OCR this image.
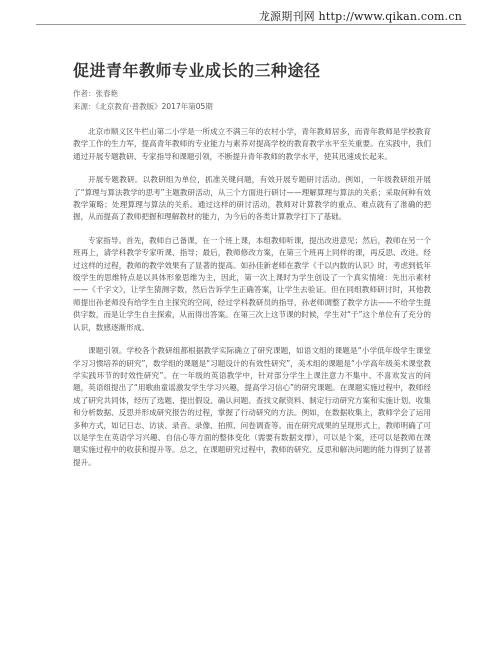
龙源期刊网 http://www.qikan.com.cn
促进青年教师专业成长的三种途径
作者：张春艳
来源：《北京教育·普教版》2017年第05期

北京市顺义区牛栏山第二小学是一所成立不满三年的农村小学，青年教师居多，而青年教师是学校教育教学工作的生力军，提高青年教师的专业能力与素养对提高学校的教育教学水平至关重要。在实践中，我们通过开展专题教研、专家指导和课题引领，不断提升青年教师的教学水平，使其迅速成长起来。

开展专题教研。以教研组为单位，抓准关键问题，有效开展专题研讨活动。例如，一年级教研组开展了“算理与算法教学的思考”主题教研活动，从三个方面进行研讨——理解算理与算法的关系；采取何种有效教学策略；处理算理与算法的关系。通过这样的研讨活动，教师对计算教学的重点、难点就有了准确的把握，从而提高了教师把握和理解教材的能力，为今后的各类计算教学打下了基础。

专家指导。首先，教师自己备课，在一个班上课，本组教师听课，提出改进意见；然后，教师在另一个班再上，请学科教学专家听课、指导；最后，教师修改方案，在第三个班再上同样的课，再反思、改进。经过这样的过程，教师的教学效果有了显著的提高。如孙佳新老师在教学《千以内数的认识》时，考虑到低年级学生的思维特点是以具体形象思维为主，因此，第一次上课时为学生创设了一个真实情境：先出示素材——《千字文》，让学生猜测字数，然后告诉学生正确答案，让学生去验证。但在同组教师研讨时，其他教师提出孙老师没有给学生自主探究的空间，经过学科教研员的指导，孙老师调整了教学方法——不给学生提供字数，而是让学生自主探索，从而得出答案。在第三次上这节课的时候，学生对“千”这个单位有了充分的认识，数感逐渐形成。

课题引领。学校各个教研组都根据教学实际确立了研究课题，如语文组的课题是“小学低年级学生课堂学习习惯培养的研究”，数学组的课题是“习题设计的有效性研究”，美术组的课题是“小学高年级美术课堂教学实践环节的时效性研究”。在一年级的英语教学中，针对部分学生上课注意力不集中、不喜欢发言的问题，英语组提出了“用歌曲童谣激发学生学习兴趣，提高学习信心”的研究课题。在课题实施过程中，教师经成了研究共同体，经历了选题、提出假设、确认问题、查找文献资料、制定行动研究方案和实施计划、收集和分析数据、反思并形成研究报告的过程，掌握了行动研究的方法。例如，在数据收集上，教师学会了运用多种方式，如记日志、访谈、录音、录像、拍照、问卷调查等。而在研究成果的呈现形式上，教师明确了可以是学生在英语学习兴趣、自信心等方面的整体变化（需要有数据支撑），可以是个案，还可以是教师在课题实施过程中的收获和提升等。总之，在课题研究过程中，教师的研究、反思和解决问题的能力得到了显著提升。
